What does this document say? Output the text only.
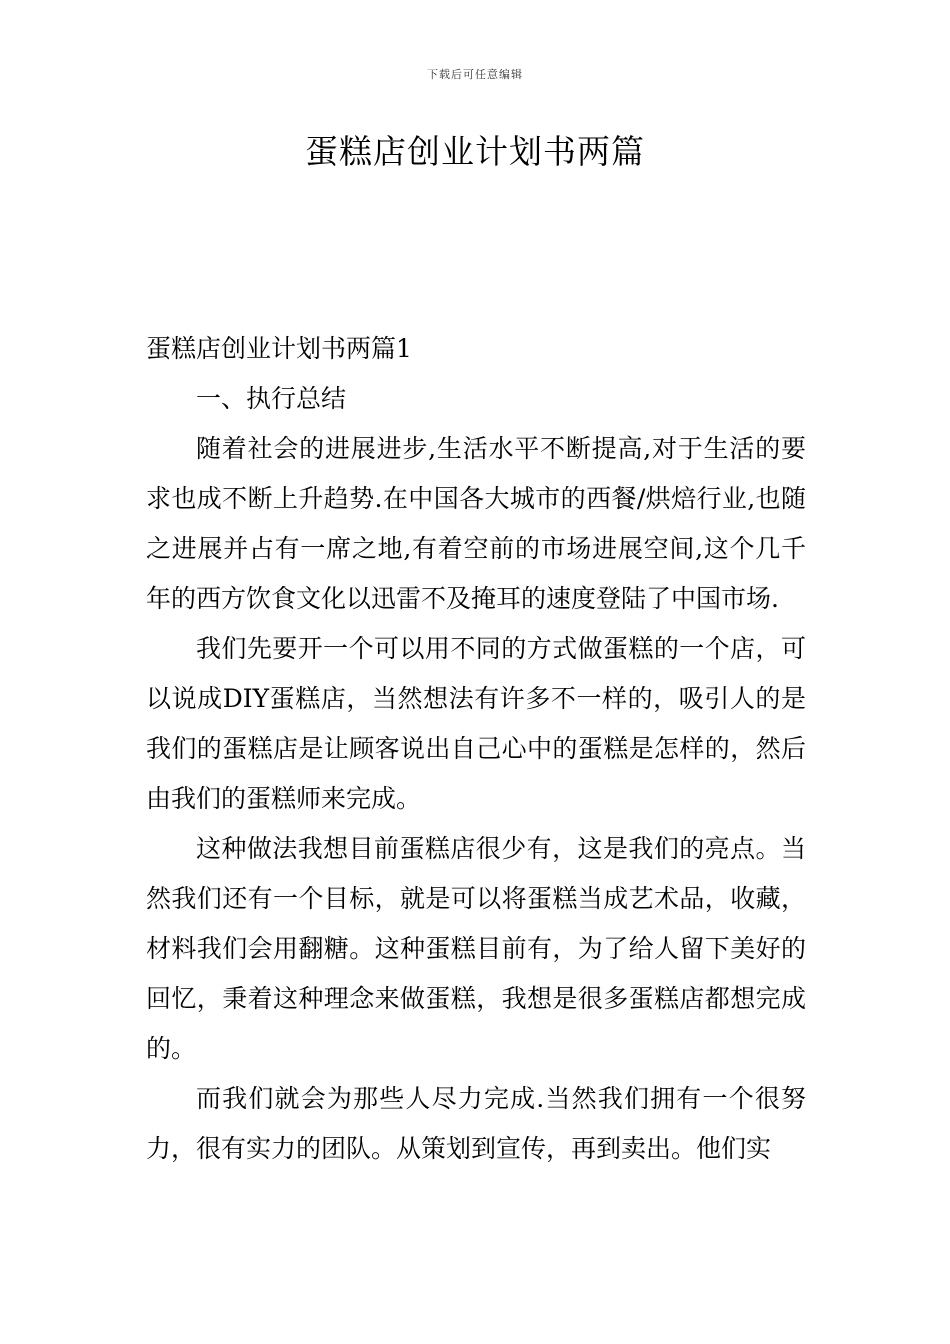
下载后可任意编辑
蛋糕店创业计划书两篇

蛋糕店创业计划书两篇1

一、执行总结

随着社会的进展进步,生活水平不断提高,对于生活的要求也成不断上升趋势.在中国各大城市的西餐/烘焙行业,也随之进展并占有一席之地,有着空前的市场进展空间,这个几千年的西方饮食文化以迅雷不及掩耳的速度登陆了中国市场.

我们先要开一个可以用不同的方式做蛋糕的一个店，可以说成DIY蛋糕店，当然想法有许多不一样的，吸引人的是我们的蛋糕店是让顾客说出自己心中的蛋糕是怎样的，然后由我们的蛋糕师来完成。

这种做法我想目前蛋糕店很少有，这是我们的亮点。当然我们还有一个目标，就是可以将蛋糕当成艺术品，收藏，材料我们会用翻糖。这种蛋糕目前有，为了给人留下美好的回忆，秉着这种理念来做蛋糕，我想是很多蛋糕店都想完成的。

而我们就会为那些人尽力完成.当然我们拥有一个很努力，很有实力的团队。从策划到宣传，再到卖出。他们实
